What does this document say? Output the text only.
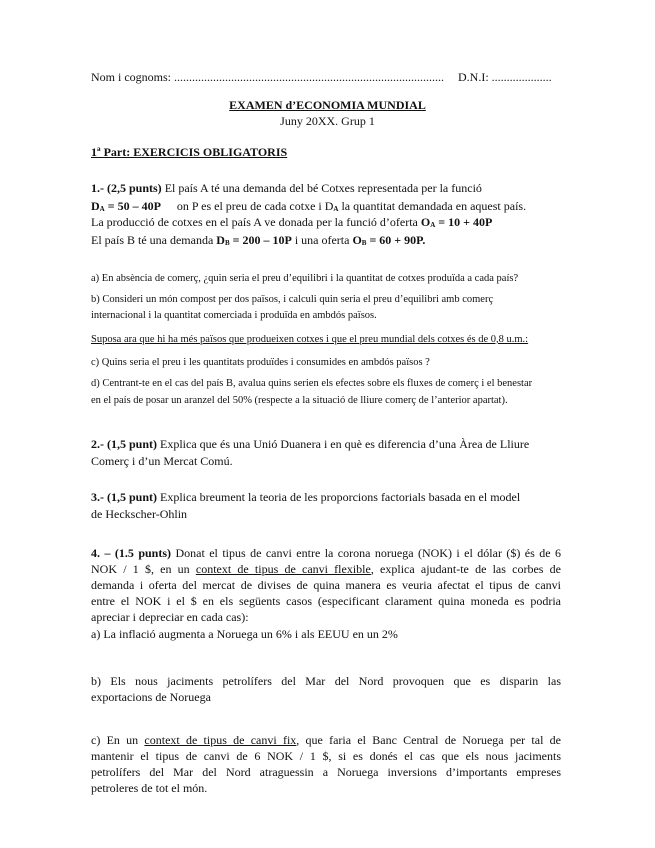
Nom i cognoms: .......................................................................................... D.N.I: ....................
EXAMEN d’ECONOMIA MUNDIAL
Juny 20XX. Grup 1
1ª Part: EXERCICIS OBLIGATORIS
1.- (2,5 punts) El país A té una demanda del bé Cotxes representada per la funció
$D_A = 50 - 40P$ on P es el preu de cada cotxe i $D_A$ la quantitat demandada en aquest país.
La producció de cotxes en el país A ve donada per la funció d’oferta $O_A = 10 + 40P$
El país B té una demanda $D_B = 200 - 10P$ i una oferta $O_B = 60 + 90P$.
a) En absència de comerç, ¿quin seria el preu d’equilibri i la quantitat de cotxes produïda a cada país?
b) Consideri un món compost per dos països, i calculi quin seria el preu d’equilibri amb comerç
internacional i la quantitat comerciada i produïda en ambdós països.
Suposa ara que hi ha més països que produeixen cotxes i que el preu mundial dels cotxes és de 0,8 u.m.:
c) Quins seria el preu i les quantitats produïdes i consumides en ambdós països ?
d) Centrant-te en el cas del país B, avalua quins serien els efectes sobre els fluxes de comerç i el benestar
en el país de posar un aranzel del 50% (respecte a la situació de lliure comerç de l’anterior apartat).
2.- (1,5 punt) Explica que és una Unió Duanera i en què es diferencia d’una Àrea de Lliure
Comerç i d’un Mercat Comú.
3.- (1,5 punt) Explica breument la teoria de les proporcions factorials basada en el model
de Heckscher-Ohlin
4. – (1.5 punts) Donat el tipus de canvi entre la corona noruega (NOK) i el dólar ($) és de 6
NOK / 1 $, en un context de tipus de canvi flexible, explica ajudant-te de las corbes de
demanda i oferta del mercat de divises de quina manera es veuria afectat el tipus de canvi
entre el NOK i el $ en els següents casos (especificant clarament quina moneda es podria
apreciar i depreciar en cada cas):
a) La inflació augmenta a Noruega un 6% i als EEUU en un 2%
b) Els nous jaciments petrolífers del Mar del Nord provoquen que es disparin las
exportacions de Noruega
c) En un context de tipus de canvi fix, que faria el Banc Central de Noruega per tal de
mantenir el tipus de canvi de 6 NOK / 1 $, si es donés el cas que els nous jaciments
petrolífers del Mar del Nord atraguessin a Noruega inversions d’importants empreses
petroleres de tot el món.
